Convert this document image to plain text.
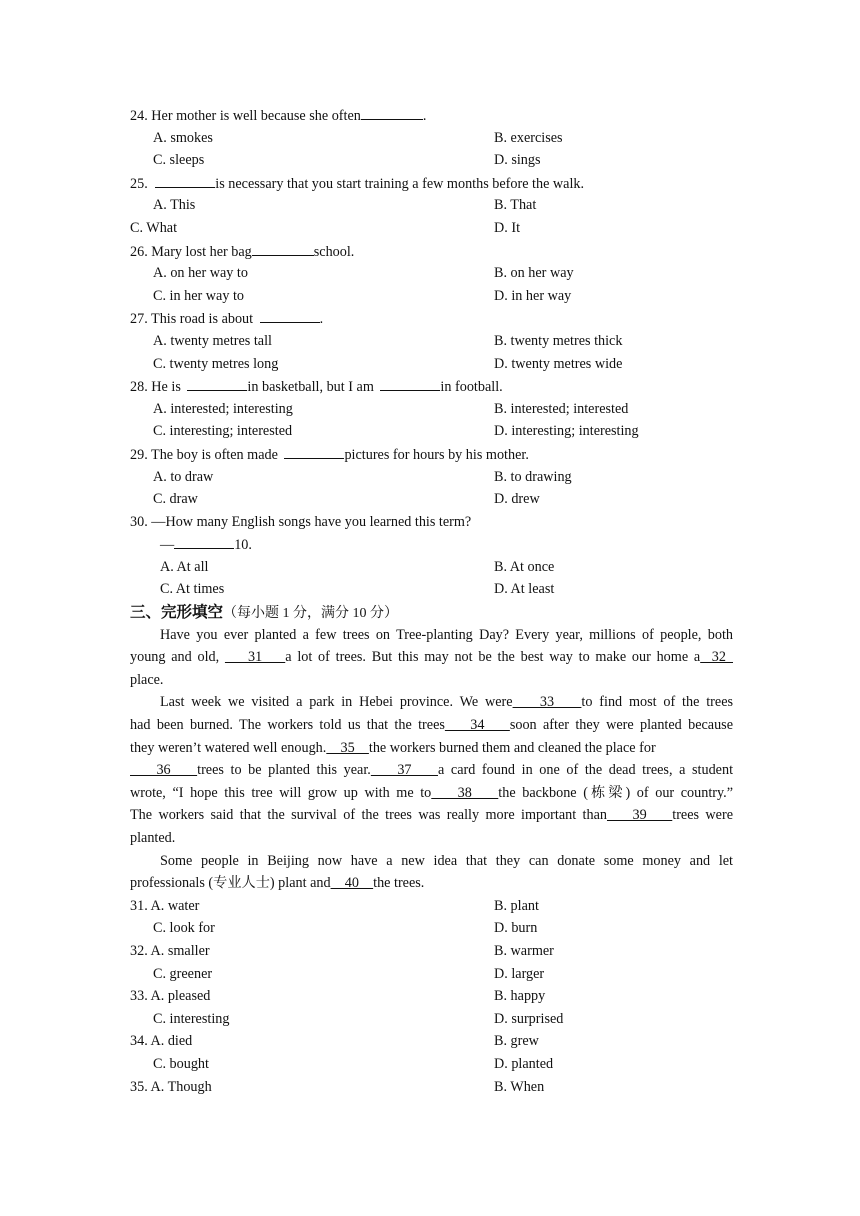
24. Her mother is well because she often	.
A. smokes	B. exercises
C. sleeps	D. sings
25.	is necessary that you start training a few months before the walk.
A. This	B. That
C. What	D. It
26. Mary lost her bag	school.
A. on her way to	B. on her way
C. in her way to	D. in her way
27. This road is about	.
A. twenty metres tall	B. twenty metres thick
C. twenty metres long	D. twenty metres wide
28. He is	in basketball, but I am	in football.
A. interested; interesting	B. interested; interested
C. interesting; interested	D. interesting; interesting
29. The boy is often made	pictures for hours by his mother.
A. to draw	B. to drawing
C. draw	D. drew
30. —How many English songs have you learned this term?
—	10.
A. At all	B. At once
C. At times	D. At least
三、完形填空（每小题 1 分，满分 10 分）
Have you ever planted a few trees on Tree-planting Day? Every year, millions of people, both
young and old,     31    a lot of trees. But this may not be the best way to make our home a  32
place.
Last week we visited a park in Hebei province. We were    33    to find most of the trees
had been burned. The workers told us that the trees    34    soon after they were planted because
they weren’t watered well enough.    35    the workers burned them and cleaned the place for
36    trees to be planted this year.    37    a card found in one of the dead trees, a student
wrote, “I hope this tree will grow up with me to    38    the backbone (栋梁) of our country.”
The workers said that the survival of the trees was really more important than    39    trees were
planted.
Some people in Beijing now have a new idea that they can donate some money and let
professionals (专业人士) plant and    40    the trees.
31. A. water	B. plant
C. look for	D. burn
32. A. smaller	B. warmer
C. greener	D. larger
33. A. pleased	B. happy
C. interesting	D. surprised
34. A. died	B. grew
C. bought	D. planted
35. A. Though	B. When
